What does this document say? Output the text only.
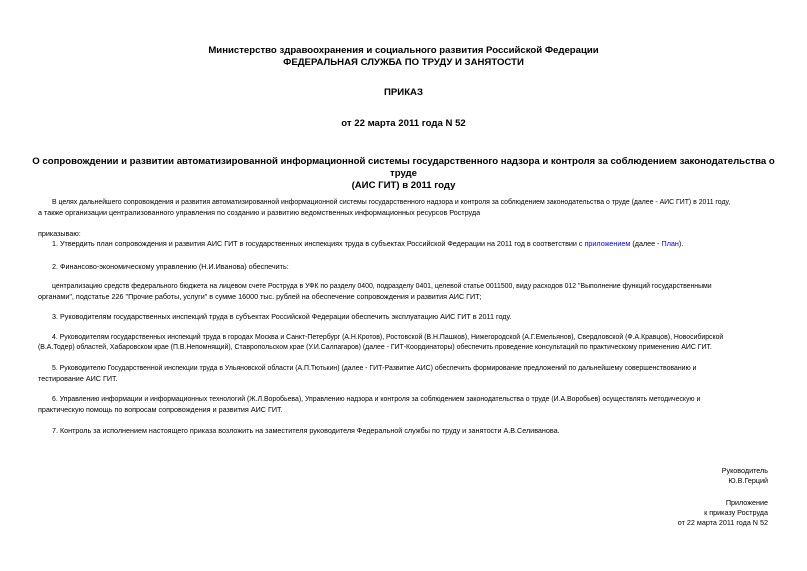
Министерство здравоохранения и социального развития Российской Федерации
ФЕДЕРАЛЬНАЯ СЛУЖБА ПО ТРУДУ И ЗАНЯТОСТИ
ПРИКАЗ
от 22 марта 2011 года N 52
О сопровождении и развитии автоматизированной информационной системы государственного надзора и контроля за соблюдением законодательства о труде
(АИС ГИТ) в 2011 году
В целях дальнейшего сопровождения и развития автоматизированной информационной системы государственного надзора и контроля за соблюдением законодательства о труде (далее - АИС ГИТ) в 2011 году,
а также организации централизованного управления по созданию и развитию ведомственных информационных ресурсов Роструда
приказываю:
1. Утвердить план сопровождения и развития АИС ГИТ в государственных инспекциях труда в субъектах Российской Федерации на 2011 год в соответствии с приложением (далее - План).
2. Финансово-экономическому управлению (Н.И.Иванова) обеспечить:
централизацию средств федерального бюджета на лицевом счете Роструда в УФК по разделу 0400, подразделу 0401, целевой статье 0011500, виду расходов 012 "Выполнение функций государственными
органами", подстатье 226 "Прочие работы, услуги" в сумме 16000 тыс. рублей на обеспечение сопровождения и развития АИС ГИТ;
3. Руководителям государственных инспекций труда в субъектах Российской Федерации обеспечить эксплуатацию АИС ГИТ в 2011 году.
4. Руководителям государственных инспекций труда в городах Москва и Санкт-Петербург (А.Н.Кротов), Ростовской (В.Н.Пашков), Нижегородской (А.Г.Емельянов), Свердловской (Ф.А.Кравцов), Новосибирской
(В.А.Тодер) областей, Хабаровском крае (П.В.Непомнящий), Ставропольском крае (У.И.Салпагаров) (далее - ГИТ-Координаторы) обеспечить проведение консультаций по практическому применению АИС ГИТ.
5. Руководителю Государственной инспекции труда в Ульяновской области (А.П.Тютькин) (далее - ГИТ-Развитие АИС) обеспечить формирование предложений по дальнейшему совершенствованию и
тестирование АИС ГИТ.
6. Управлению информации и информационных технологий (Ж.Л.Воробьева), Управлению надзора и контроля за соблюдением законодательства о труде (И.А.Воробьев) осуществлять методическую и
практическую помощь по вопросам сопровождения и развития АИС ГИТ.
7. Контроль за исполнением настоящего приказа возложить на заместителя руководителя Федеральной службы по труду и занятости А.В.Селиванова.
Руководитель
Ю.В.Герций
Приложение
к приказу Роструда
от 22 марта 2011 года N 52
